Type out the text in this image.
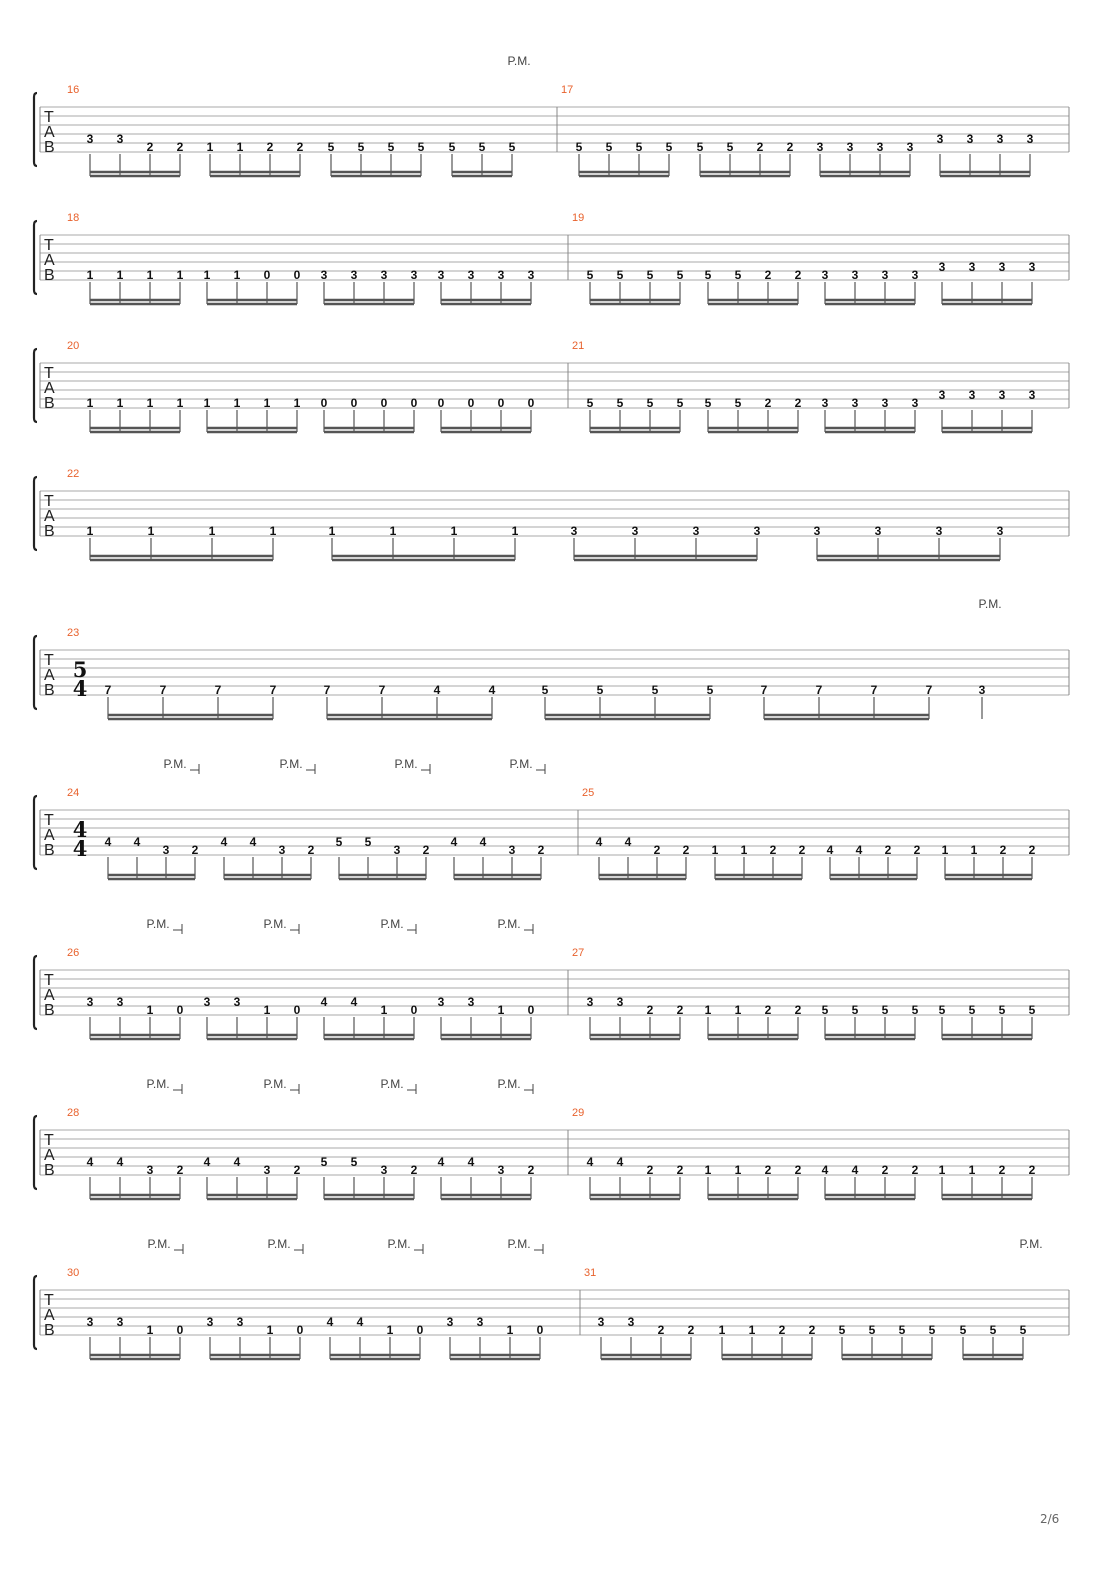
T
A
B
P.M.
16
3 3
2 2 1 1 2 2 5 5 5 5 5 5 5
17
5 5 5 5 5 5 2 2 3 3 3 3
3 3 3 3
T
A
B
18
1 1 1 1 1 1 0 0 3 3 3 3 3 3 3 3
19
5 5 5 5 5 5 2 2 3 3 3 3
3 3 3 3
T
A
B
20
1 1 1 1 1 1 1 1 0 0 0 0 0 0 0 0
21
5 5 5 5 5 5 2 2 3 3 3 3
3 3 3 3
T
A
B
22
1	1	1	1	1	1	1	1	3	3	3	3	3	3	3	3
T
A
B
P.M.
23
5
4 7	7	7	7	7	7	4	4	5	5	5	5	7	7	7	7	3
T
A
B
P.M.	P.M.	P.M.	P.M.
24
4
4 4 4
3 2
4 4
3 2
5 5
3 2
4 4
3 2
25
4 4
2 2 1 1 2 2 4 4 2 2 1 1 2 2
T
A
B
P.M.	P.M.	P.M.	P.M.
26
3 3
1 0
3 3
1 0
4 4
1 0
3 3
1 0
27
3 3
2 2 1 1 2 2 5 5 5 5 5 5 5 5
T
A
B
P.M.	P.M.	P.M.	P.M.
28
4 4
3 2
4 4
3 2
5 5
3 2
4 4
3 2
29
4 4
2 2 1 1 2 2 4 4 2 2 1 1 2 2
T
A
B
P.M.	P.M.	P.M.	P.M.	P.M.
30
3 3
1 0
3 3
1 0
4 4
1 0
3 3
1 0
31
3 3
2 2 1 1 2 2 5 5 5 5 5 5 5
2/6
